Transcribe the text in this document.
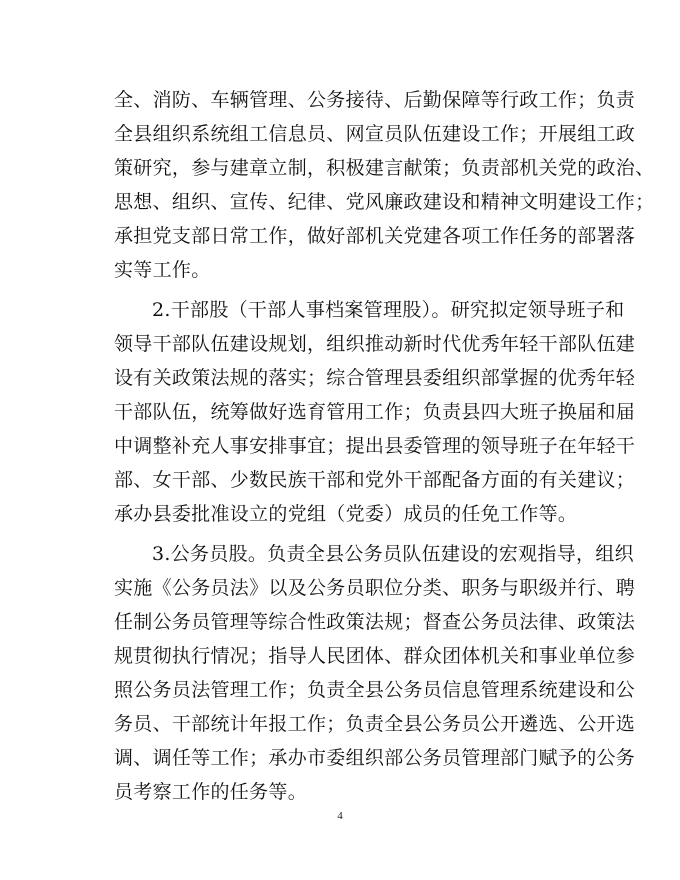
全、消防、车辆管理、公务接待、后勤保障等行政工作；负责
全县组织系统组工信息员、网宣员队伍建设工作；开展组工政
策研究，参与建章立制，积极建言献策；负责部机关党的政治、
思想、组织、宣传、纪律、党风廉政建设和精神文明建设工作；
承担党支部日常工作，做好部机关党建各项工作任务的部署落
实等工作。
2.干部股（干部人事档案管理股）。研究拟定领导班子和
领导干部队伍建设规划，组织推动新时代优秀年轻干部队伍建
设有关政策法规的落实；综合管理县委组织部掌握的优秀年轻
干部队伍，统筹做好选育管用工作；负责县四大班子换届和届
中调整补充人事安排事宜；提出县委管理的领导班子在年轻干
部、女干部、少数民族干部和党外干部配备方面的有关建议；
承办县委批准设立的党组（党委）成员的任免工作等。
3.公务员股。负责全县公务员队伍建设的宏观指导，组织
实施《公务员法》以及公务员职位分类、职务与职级并行、聘
任制公务员管理等综合性政策法规；督查公务员法律、政策法
规贯彻执行情况；指导人民团体、群众团体机关和事业单位参
照公务员法管理工作；负责全县公务员信息管理系统建设和公
务员、干部统计年报工作；负责全县公务员公开遴选、公开选
调、调任等工作；承办市委组织部公务员管理部门赋予的公务
员考察工作的任务等。
4
